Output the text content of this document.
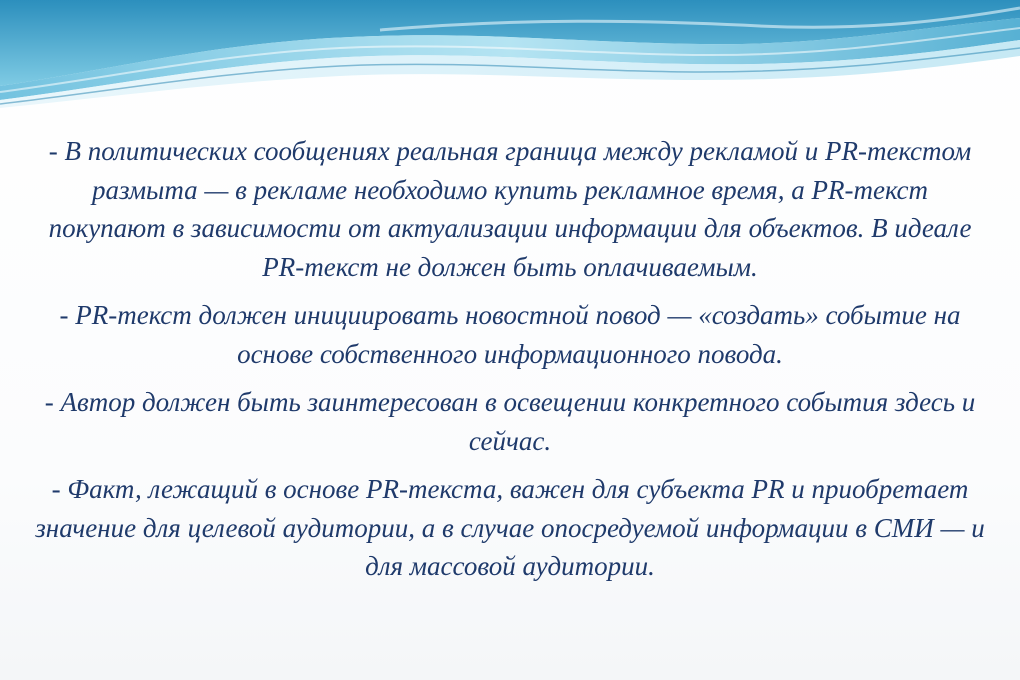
- В политических сообщениях реальная граница между рекламой и PR-текстом размыта — в рекламе необходимо купить рекламное время, а PR-текст покупают в зависимости от актуализации информации для объектов. В идеале PR-текст не должен быть оплачиваемым.

- PR-текст должен инициировать новостной повод — «создать» событие на основе собственного информационного повода.

- Автор должен быть заинтересован в освещении конкретного события здесь и сейчас.

- Факт, лежащий в основе PR-текста, важен для субъекта PR и приобретает значение для целевой аудитории, а в случае опосредуемой информации в СМИ — и для массовой аудитории.
